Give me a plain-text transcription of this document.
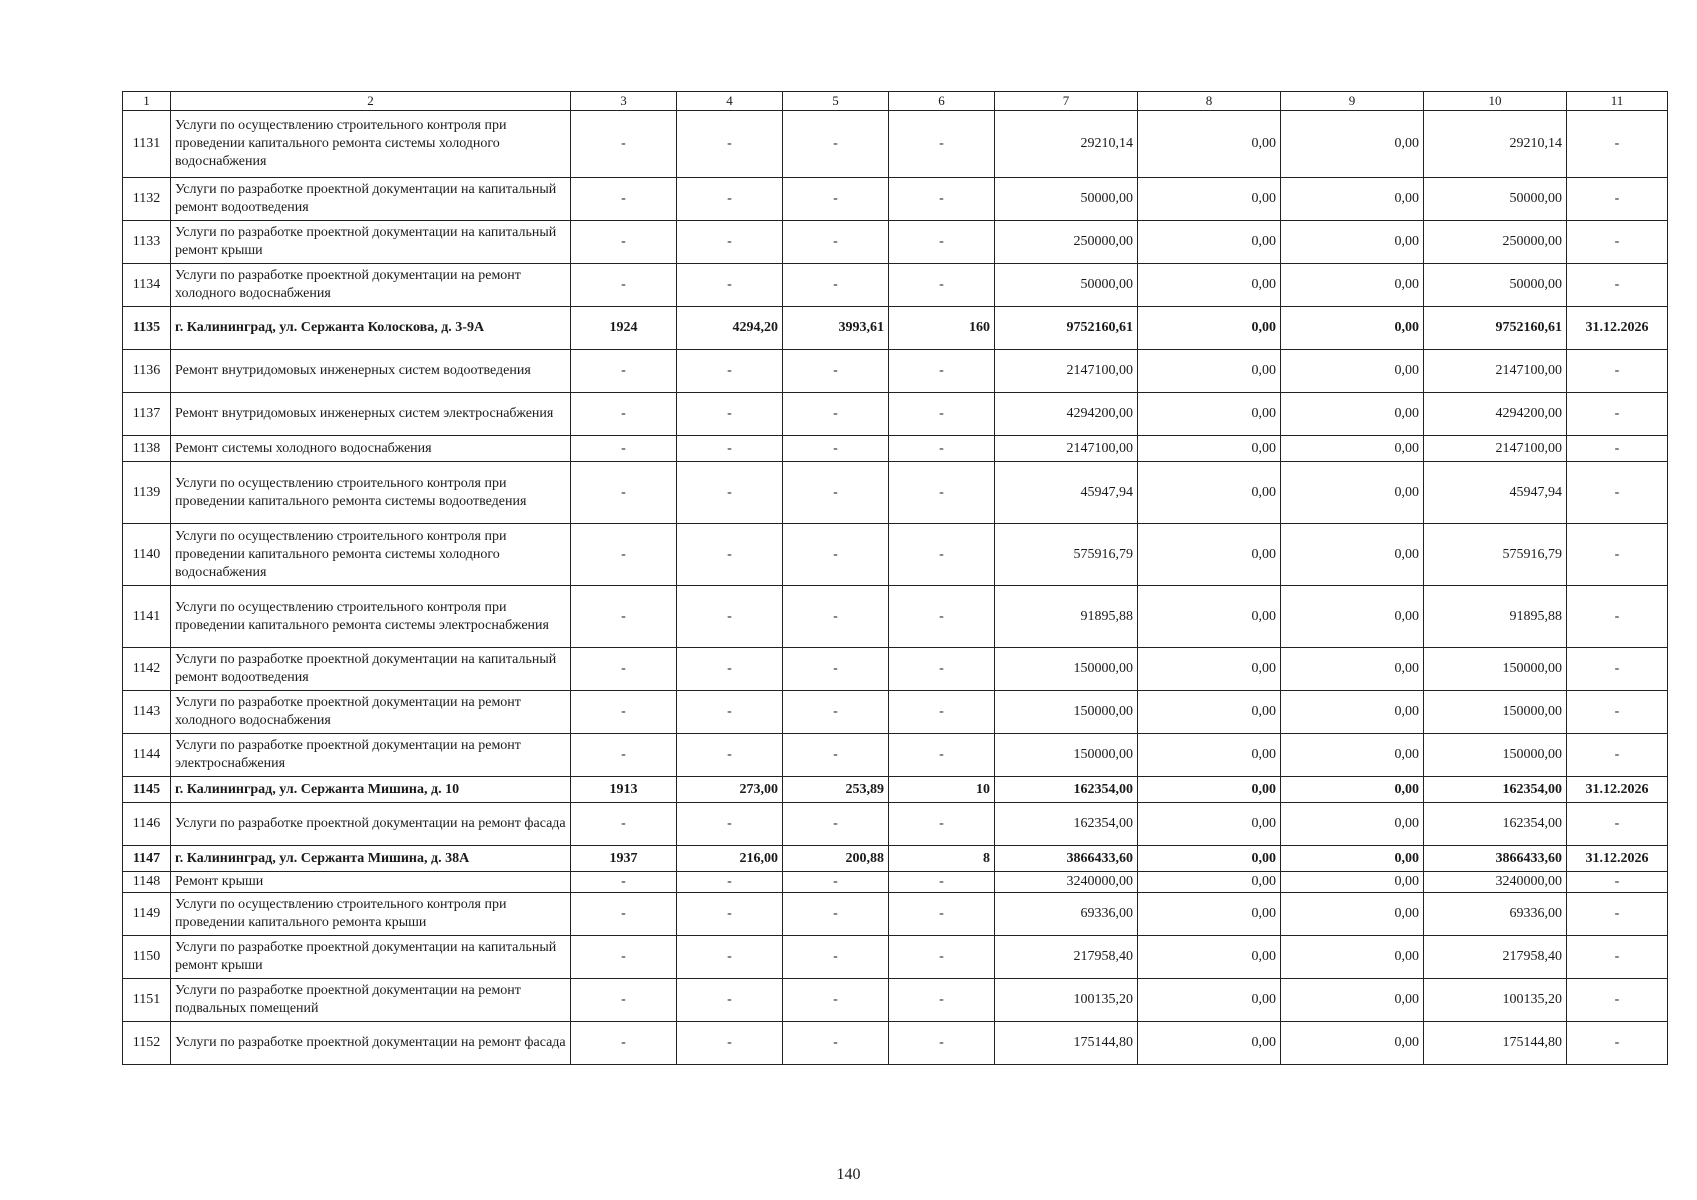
1	2	3	4	5	6	7	8	9	10	11
1131	Услуги по осуществлению строительного контроля при проведении капитального ремонта системы холодного водоснабжения	-	-	-	-	29210,14	0,00	0,00	29210,14	-
1132	Услуги по разработке проектной документации на капитальный ремонт водоотведения	-	-	-	-	50000,00	0,00	0,00	50000,00	-
1133	Услуги по разработке проектной документации на капитальный ремонт крыши	-	-	-	-	250000,00	0,00	0,00	250000,00	-
1134	Услуги по разработке проектной документации на ремонт холодного водоснабжения	-	-	-	-	50000,00	0,00	0,00	50000,00	-
1135	г. Калининград, ул. Сержанта Колоскова, д. 3-9А	1924	4294,20	3993,61	160	9752160,61	0,00	0,00	9752160,61	31.12.2026
1136	Ремонт внутридомовых инженерных систем водоотведения	-	-	-	-	2147100,00	0,00	0,00	2147100,00	-
1137	Ремонт внутридомовых инженерных систем электроснабжения	-	-	-	-	4294200,00	0,00	0,00	4294200,00	-
1138	Ремонт системы холодного водоснабжения	-	-	-	-	2147100,00	0,00	0,00	2147100,00	-
1139	Услуги по осуществлению строительного контроля при проведении капитального ремонта системы водоотведения	-	-	-	-	45947,94	0,00	0,00	45947,94	-
1140	Услуги по осуществлению строительного контроля при проведении капитального ремонта системы холодного водоснабжения	-	-	-	-	575916,79	0,00	0,00	575916,79	-
1141	Услуги по осуществлению строительного контроля при проведении капитального ремонта системы электроснабжения	-	-	-	-	91895,88	0,00	0,00	91895,88	-
1142	Услуги по разработке проектной документации на капитальный ремонт водоотведения	-	-	-	-	150000,00	0,00	0,00	150000,00	-
1143	Услуги по разработке проектной документации на ремонт холодного водоснабжения	-	-	-	-	150000,00	0,00	0,00	150000,00	-
1144	Услуги по разработке проектной документации на ремонт электроснабжения	-	-	-	-	150000,00	0,00	0,00	150000,00	-
1145	г. Калининград, ул. Сержанта Мишина, д. 10	1913	273,00	253,89	10	162354,00	0,00	0,00	162354,00	31.12.2026
1146	Услуги по разработке проектной документации на ремонт фасада	-	-	-	-	162354,00	0,00	0,00	162354,00	-
1147	г. Калининград, ул. Сержанта Мишина, д. 38А	1937	216,00	200,88	8	3866433,60	0,00	0,00	3866433,60	31.12.2026
1148	Ремонт крыши	-	-	-	-	3240000,00	0,00	0,00	3240000,00	-
1149	Услуги по осуществлению строительного контроля при проведении капитального ремонта крыши	-	-	-	-	69336,00	0,00	0,00	69336,00	-
1150	Услуги по разработке проектной документации на капитальный ремонт крыши	-	-	-	-	217958,40	0,00	0,00	217958,40	-
1151	Услуги по разработке проектной документации на ремонт подвальных помещений	-	-	-	-	100135,20	0,00	0,00	100135,20	-
1152	Услуги по разработке проектной документации на ремонт фасада	-	-	-	-	175144,80	0,00	0,00	175144,80	-
140
